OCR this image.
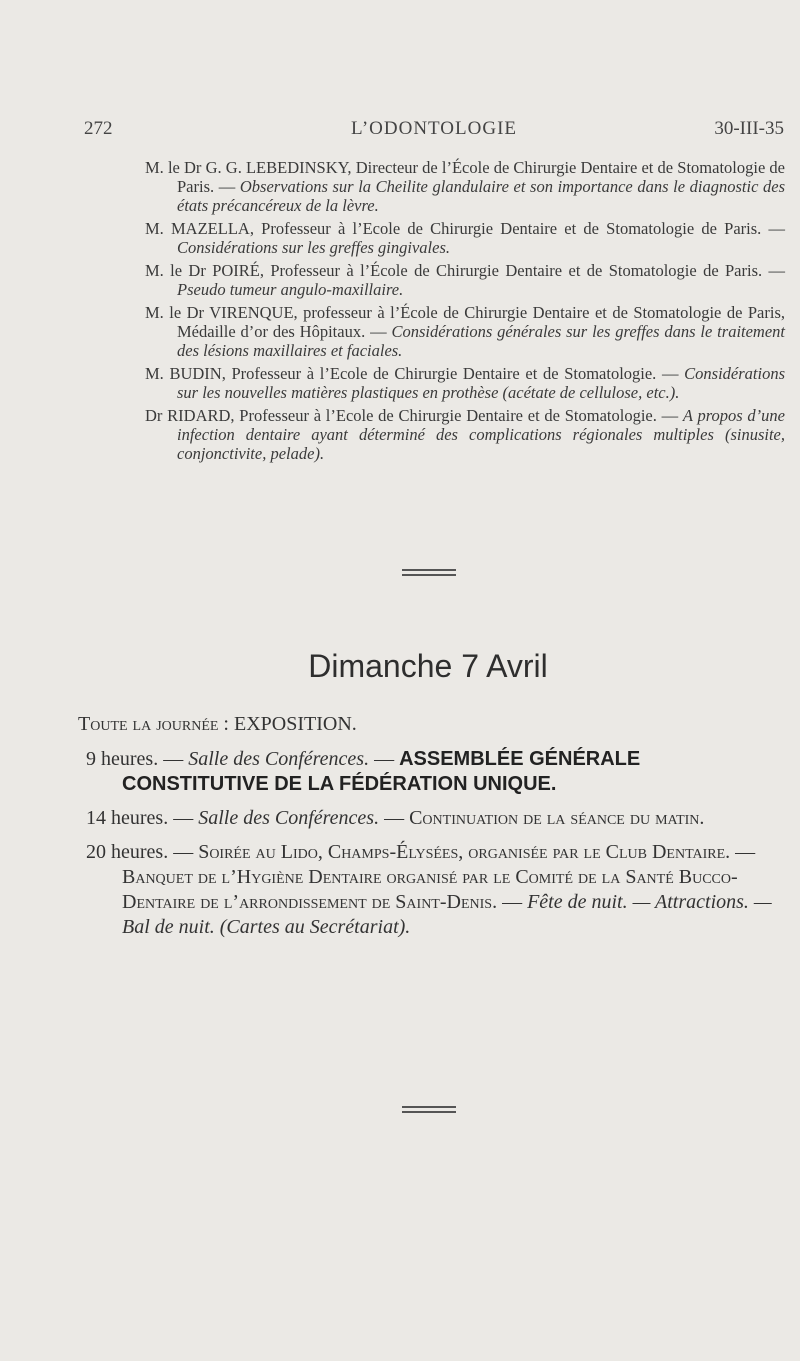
272	L’ODONTOLOGIE	30-III-35
M. le Dr G. G. LEBEDINSKY, Directeur de l’École de Chirurgie Dentaire et de Stomatologie de Paris. — Observations sur la Cheilite glandulaire et son importance dans le diagnostic des états précancéreux de la lèvre.
M. MAZELLA, Professeur à l’Ecole de Chirurgie Dentaire et de Stomatologie de Paris. — Considérations sur les greffes gingivales.
M. le Dr POIRÉ, Professeur à l’École de Chirurgie Dentaire et de Stomatologie de Paris. — Pseudo tumeur angulo-maxillaire.
M. le Dr VIRENQUE, professeur à l’École de Chirurgie Dentaire et de Stomatologie de Paris, Médaille d’or des Hôpitaux. — Considérations générales sur les greffes dans le traitement des lésions maxillaires et faciales.
M. BUDIN, Professeur à l’Ecole de Chirurgie Dentaire et de Stomatologie. — Considérations sur les nouvelles matières plastiques en prothèse (acétate de cellulose, etc.).
Dr RIDARD, Professeur à l’Ecole de Chirurgie Dentaire et de Stomatologie. — A propos d’une infection dentaire ayant déterminé des complications régionales multiples (sinusite, conjonctivite, pelade).
Dimanche 7 Avril
Toute la journée : EXPOSITION.
9 heures. — Salle des Conférences. — ASSEMBLÉE GÉNÉRALE CONSTITUTIVE DE LA FÉDÉRATION UNIQUE.
14 heures. — Salle des Conférences. — Continuation de la séance du matin.
20 heures. — Soirée au Lido, Champs-Élysées, organisée par le Club Dentaire. — Banquet de l’Hygiène Dentaire organisé par le Comité de la Santé Bucco-Dentaire de l’arrondissement de Saint-Denis. — Fête de nuit. — Attractions. — Bal de nuit. (Cartes au Secrétariat).
